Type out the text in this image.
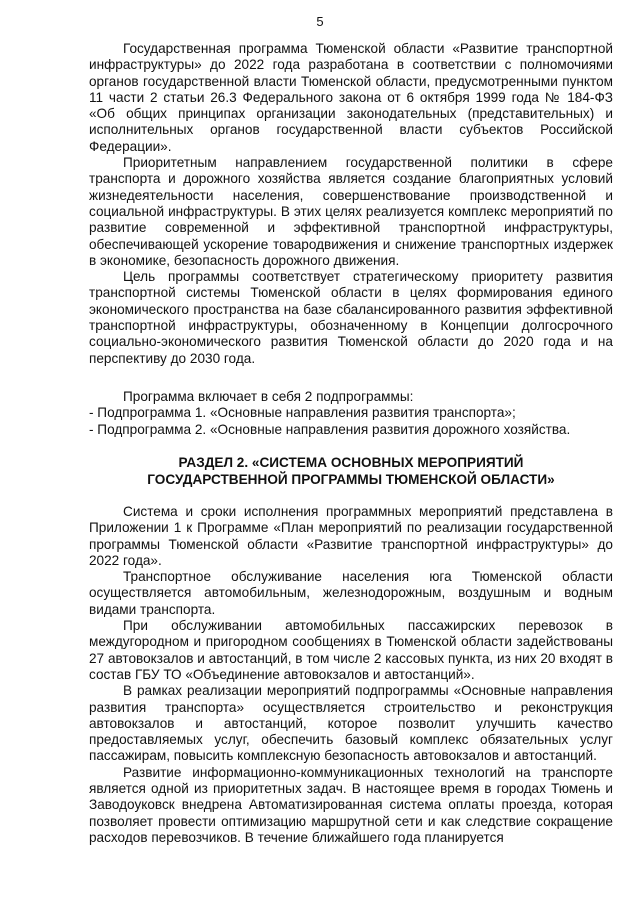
5

Государственная программа Тюменской области «Развитие транспортной инфраструктуры» до 2022 года разработана в соответствии с полномочиями органов государственной власти Тюменской области, предусмотренными пунктом 11 части 2 статьи 26.3 Федерального закона от 6 октября 1999 года № 184-ФЗ «Об общих принципах организации законодательных (представительных) и исполнительных органов государственной власти субъектов Российской Федерации».

Приоритетным направлением государственной политики в сфере транспорта и дорожного хозяйства является создание благоприятных условий жизнедеятельности населения, совершенствование производственной и социальной инфраструктуры. В этих целях реализуется комплекс мероприятий по развитие современной и эффективной транспортной инфраструктуры, обеспечивающей ускорение товародвижения и снижение транспортных издержек в экономике, безопасность дорожного движения.

Цель программы соответствует стратегическому приоритету развития транспортной системы Тюменской области в целях формирования единого экономического пространства на базе сбалансированного развития эффективной транспортной инфраструктуры, обозначенному в Концепции долгосрочного социально-экономического развития Тюменской области до 2020 года и на перспективу до 2030 года.

Программа включает в себя 2 подпрограммы:
- Подпрограмма 1. «Основные направления развития транспорта»;
- Подпрограмма 2. «Основные направления развития дорожного хозяйства.
РАЗДЕЛ 2. «СИСТЕМА ОСНОВНЫХ МЕРОПРИЯТИЙ
ГОСУДАРСТВЕННОЙ ПРОГРАММЫ ТЮМЕНСКОЙ ОБЛАСТИ»

Система и сроки исполнения программных мероприятий представлена в Приложении 1 к Программе «План мероприятий по реализации государственной программы Тюменской области «Развитие транспортной инфраструктуры» до 2022 года».

Транспортное обслуживание населения юга Тюменской области осуществляется автомобильным, железнодорожным, воздушным и водным видами транспорта.

При обслуживании автомобильных пассажирских перевозок в междугородном и пригородном сообщениях в Тюменской области задействованы 27 автовокзалов и автостанций, в том числе 2 кассовых пункта, из них 20 входят в состав ГБУ ТО «Объединение автовокзалов и автостанций».

В рамках реализации мероприятий подпрограммы «Основные направления развития транспорта» осуществляется строительство и реконструкция автовокзалов и автостанций, которое позволит улучшить качество предоставляемых услуг, обеспечить базовый комплекс обязательных услуг пассажирам, повысить комплексную безопасность автовокзалов и автостанций.

Развитие информационно-коммуникационных технологий на транспорте является одной из приоритетных задач. В настоящее время в городах Тюмень и Заводоуковск внедрена Автоматизированная система оплаты проезда, которая позволяет провести оптимизацию маршрутной сети и как следствие сокращение расходов перевозчиков. В течение ближайшего года планируется
